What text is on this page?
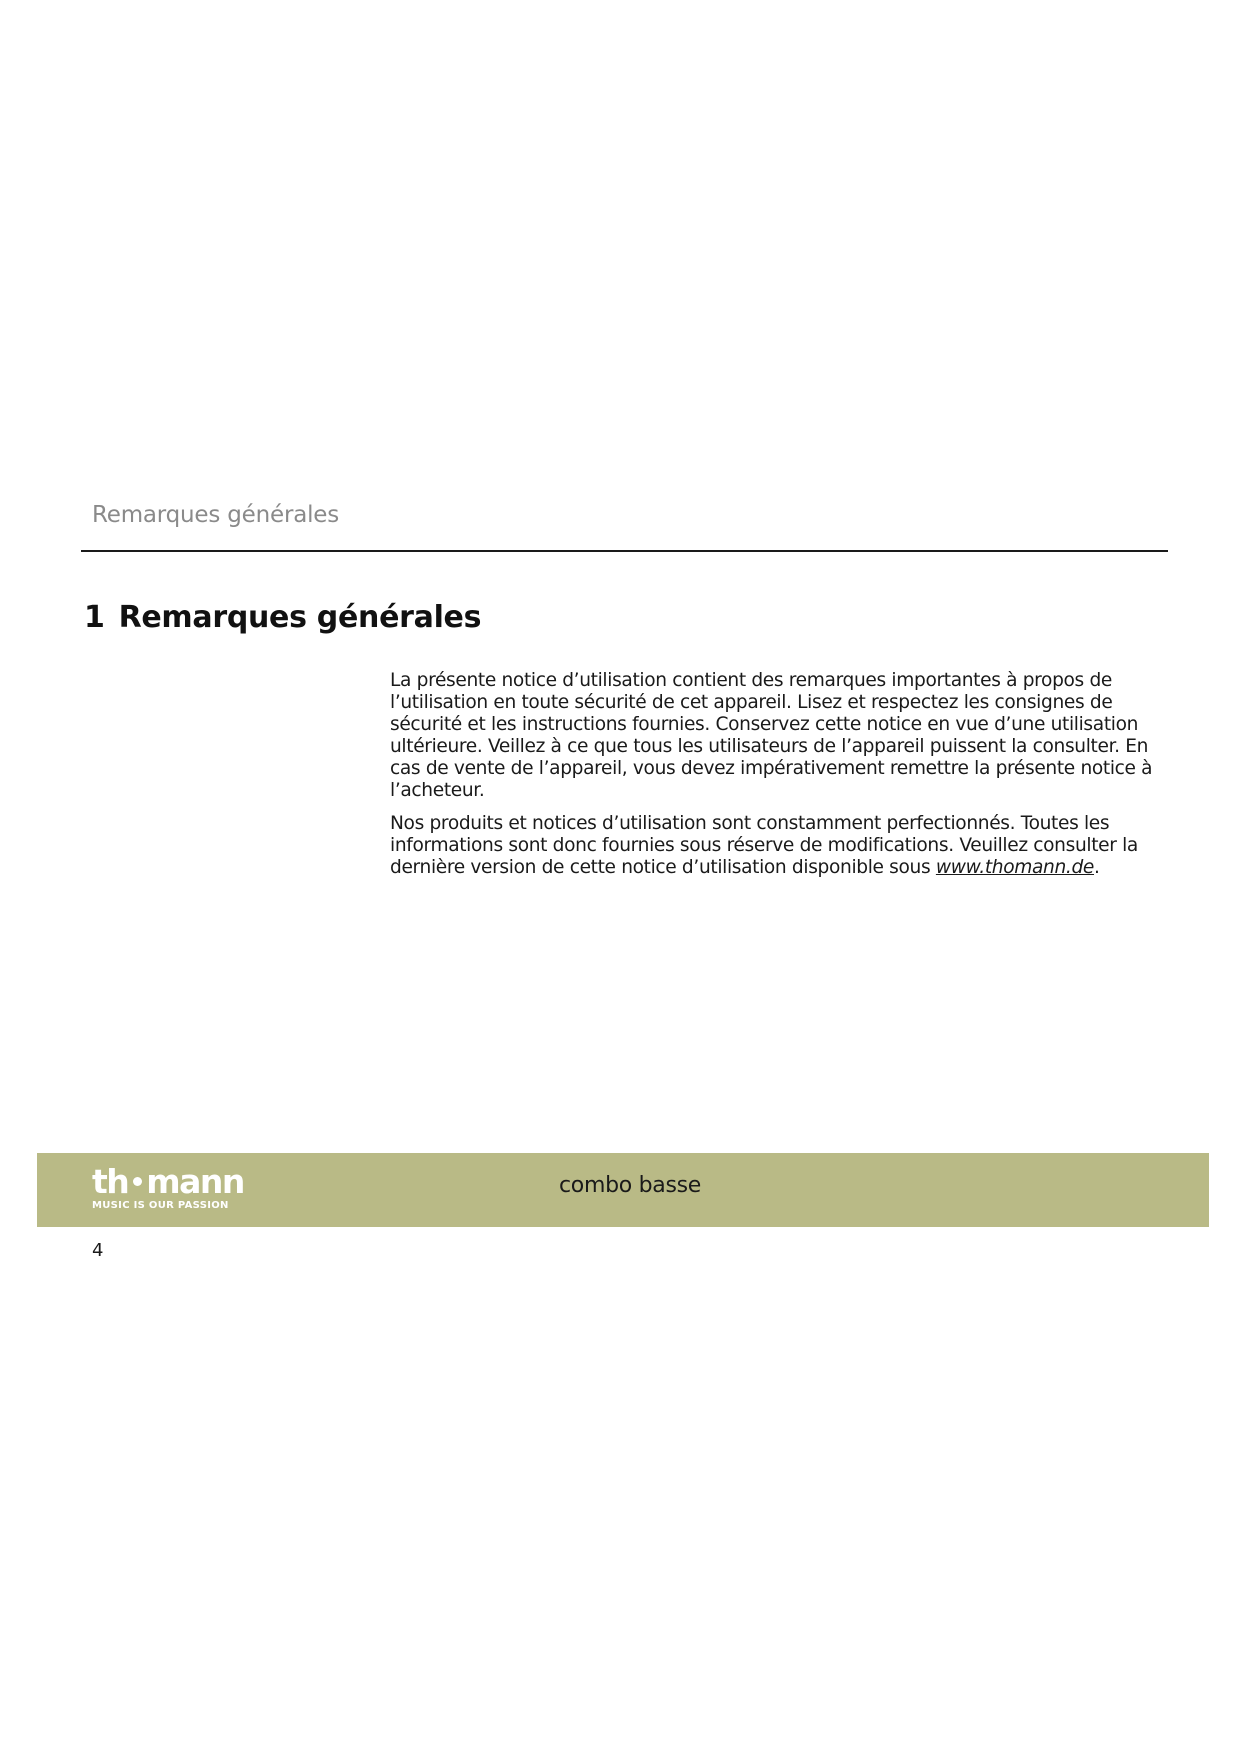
Remarques générales
1 Remarques générales

La présente notice d’utilisation contient des remarques importantes à propos de l’utilisation en toute sécurité de cet appareil. Lisez et respectez les consignes de sécurité et les instructions fournies. Conservez cette notice en vue d’une utilisation ultérieure. Veillez à ce que tous les utilisateurs de l’appareil puissent la consulter. En cas de vente de l’appareil, vous devez impérativement remettre la présente notice à l’acheteur.

Nos produits et notices d’utilisation sont constamment perfectionnés. Toutes les informations sont donc fournies sous réserve de modifications. Veuillez consulter la dernière version de cette notice d’utilisation disponible sous www.thomann.de.

th mann
MUSIC IS OUR PASSION
combo basse
4
